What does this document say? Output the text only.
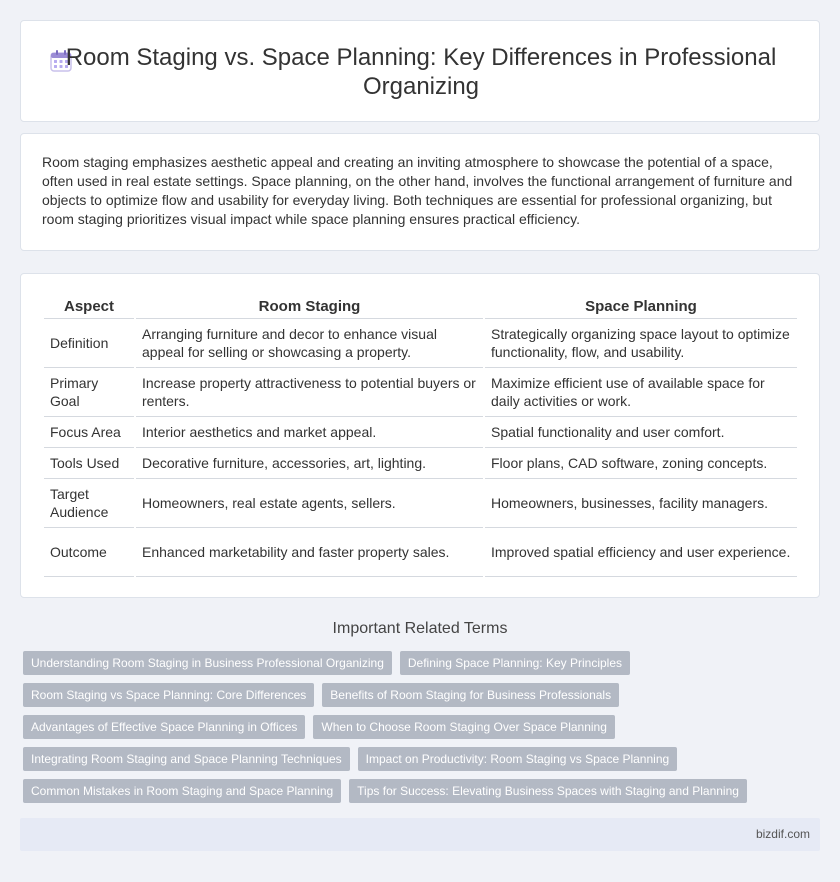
Room Staging vs. Space Planning: Key Differences in Professional Organizing

Room staging emphasizes aesthetic appeal and creating an inviting atmosphere to showcase the potential of a space, often used in real estate settings. Space planning, on the other hand, involves the functional arrangement of furniture and objects to optimize flow and usability for everyday living. Both techniques are essential for professional organizing, but room staging prioritizes visual impact while space planning ensures practical efficiency.

Aspect	Room Staging	Space Planning
Definition	Arranging furniture and decor to enhance visual appeal for selling or showcasing a property.	Strategically organizing space layout to optimize functionality, flow, and usability.
Primary Goal	Increase property attractiveness to potential buyers or renters.	Maximize efficient use of available space for daily activities or work.
Focus Area	Interior aesthetics and market appeal.	Spatial functionality and user comfort.
Tools Used	Decorative furniture, accessories, art, lighting.	Floor plans, CAD software, zoning concepts.
Target Audience	Homeowners, real estate agents, sellers.	Homeowners, businesses, facility managers.
Outcome	Enhanced marketability and faster property sales.	Improved spatial efficiency and user experience.
Important Related Terms
Understanding Room Staging in Business Professional Organizing	Defining Space Planning: Key Principles
Room Staging vs Space Planning: Core Differences	Benefits of Room Staging for Business Professionals
Advantages of Effective Space Planning in Offices	When to Choose Room Staging Over Space Planning
Integrating Room Staging and Space Planning Techniques	Impact on Productivity: Room Staging vs Space Planning
Common Mistakes in Room Staging and Space Planning	Tips for Success: Elevating Business Spaces with Staging and Planning
bizdif.com
